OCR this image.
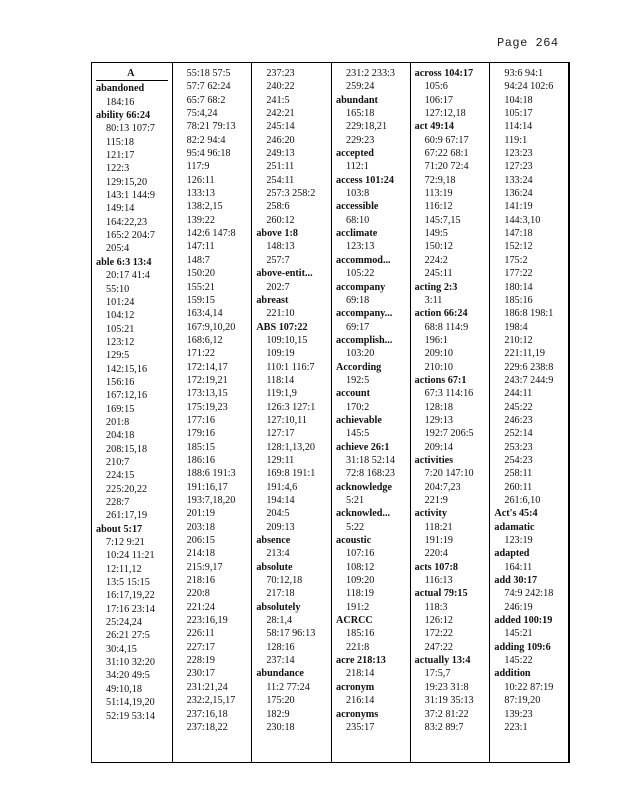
Page 264
A
abandoned
184:16
ability 66:24
80:13 107:7
115:18
121:17
122:3
129:15,20
143:1 144:9
149:14
164:22,23
165:2 204:7
205:4
able 6:3 13:4
20:17 41:4
55:10
101:24
104:12
105:21
123:12
129:5
142:15,16
156:16
167:12,16
169:15
201:8
204:18
208:15,18
210:7
224:15
225:20,22
228:7
261:17,19
about 5:17
7:12 9:21
10:24 11:21
12:11,12
13:5 15:15
16:17,19,22
17:16 23:14
25:24,24
26:21 27:5
30:4,15
31:10 32:20
34:20 49:5
49:10,18
51:14,19,20
52:19 53:14
55:18 57:5
57:7 62:24
65:7 68:2
75:4,24
78:21 79:13
82:2 94:4
95:4 96:18
117:9
126:11
133:13
138:2,15
139:22
142:6 147:8
147:11
148:7
150:20
155:21
159:15
163:4,14
167:9,10,20
168:6,12
171:22
172:14,17
172:19,21
173:13,15
175:19,23
177:16
179:16
185:15
186:16
188:6 191:3
191:16,17
193:7,18,20
201:19
203:18
206:15
214:18
215:9,17
218:16
220:8
221:24
223:16,19
226:11
227:17
228:19
230:17
231:21,24
232:2,15,17
237:16,18
237:18,22
237:23
240:22
241:5
242:21
245:14
246:20
249:13
251:11
254:11
257:3 258:2
258:6
260:12
above 1:8
148:13
257:7
above-entit...
202:7
abreast
221:10
ABS 107:22
109:10,15
109:19
110:1 116:7
118:14
119:1,9
126:3 127:1
127:10,11
127:17
128:1,13,20
129:11
169:8 191:1
191:4,6
194:14
204:5
209:13
absence
213:4
absolute
70:12,18
217:18
absolutely
28:1,4
58:17 96:13
128:16
237:14
abundance
11:2 77:24
175:20
182:9
230:18
231:2 233:3
259:24
abundant
165:18
229:18,21
229:23
accepted
112:1
access 101:24
103:8
accessible
68:10
acclimate
123:13
accommod...
105:22
accompany
69:18
accompany...
69:17
accomplish...
103:20
According
192:5
account
170:2
achievable
145:5
achieve 26:1
31:18 52:14
72:8 168:23
acknowledge
5:21
acknowled...
5:22
acoustic
107:16
108:12
109:20
118:19
191:2
ACRCC
185:16
221:8
acre 218:13
218:14
acronym
216:14
acronyms
235:17
across 104:17
105:6
106:17
127:12,18
act 49:14
60:9 67:17
67:22 68:1
71:20 72:4
72:9,18
113:19
116:12
145:7,15
149:5
150:12
224:2
245:11
acting 2:3
3:11
action 66:24
68:8 114:9
196:1
209:10
210:10
actions 67:1
67:3 114:16
128:18
129:13
192:7 206:5
209:14
activities
7:20 147:10
204:7,23
221:9
activity
118:21
191:19
220:4
acts 107:8
116:13
actual 79:15
118:3
126:12
172:22
247:22
actually 13:4
17:5,7
19:23 31:8
31:19 35:13
37:2 81:22
83:2 89:7
93:6 94:1
94:24 102:6
104:18
105:17
114:14
119:1
123:23
127:23
133:24
136:24
141:19
144:3,10
147:18
152:12
175:2
177:22
180:14
185:16
186:8 198:1
198:4
210:12
221:11,19
229:6 238:8
243:7 244:9
244:11
245:22
246:23
252:14
253:23
254:23
258:11
260:11
261:6,10
Act's 45:4
adamatic
123:19
adapted
164:11
add 30:17
74:9 242:18
246:19
added 100:19
145:21
adding 109:6
145:22
addition
10:22 87:19
87:19,20
139:23
223:1
